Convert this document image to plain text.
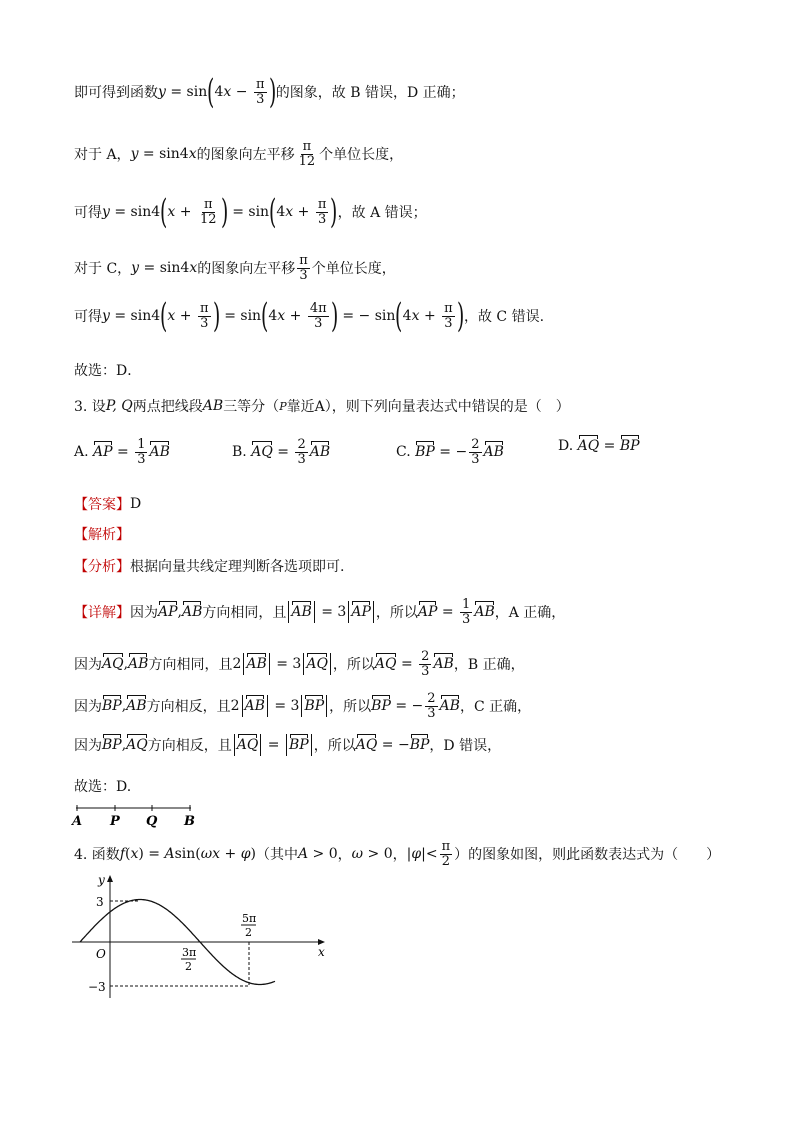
即可得到函数 y = sin ( 4 $x - \frac{\pi}{3}$ ) 的图象，故 B 错误，D 正确；
对于 A， y = sin4 x 的图象向左平移 $\frac{\pi}{12}$ 个单位长度，
可得 y = sin4 ( $x + \frac{\pi}{12}$ ) = sin ( 4 $x + \frac{\pi}{3}$ ) ，故 A 错误；
对于 C， y = sin4 x 的图象向左平移 $\frac{\pi}{3}$ 个单位长度，
可得 y = sin4 ( $x + \frac{\pi}{3}$ ) = sin ( 4 $x + \frac{4\pi}{3}$ ) = − sin ( 4 $x + \frac{\pi}{3}$ ) ，故 C 错误.
故选：D．
3. 设 P, Q 两点把线段 AB 三等分（ P 靠近A），则下列向量表达式中错误的是（　）
A.
AP = $\frac{1}{3}$ AB	B.
AQ = $\frac{2}{3}$ AB	C.
BP = − $\frac{2}{3}$ AB	D.
AQ = BP
【答案】 D
【解析】
【分析】 根据向量共线定理判断各选项即可.
【详解】 因为 AP , AB 方向相同，且 AB = 3 AP ，所以 AP = $\frac{1}{3}$ AB ，A 正确，
因为 AQ , AB 方向相同，且 2 AB = 3 AQ ，所以 AQ = $\frac{2}{3}$ AB ，B 正确，
因为 BP , AB 方向相反，且 2 AB = 3 BP ，所以 BP = − $\frac{2}{3}$ AB ，C 正确，
因为 BP , AQ 方向相反，且 AQ = BP ，所以 AQ = − BP ，D 错误，
故选：D.
A P Q B
4. 函数 f ( x ) = A sin( ωx + φ ) （其中 A > 0 ， ω > 0 ， | φ |< $\frac{\pi}{2}$ ）的图象如图，则此函数表达式为（　　）
y
x
O
3
−3
3π
2
5π
2
